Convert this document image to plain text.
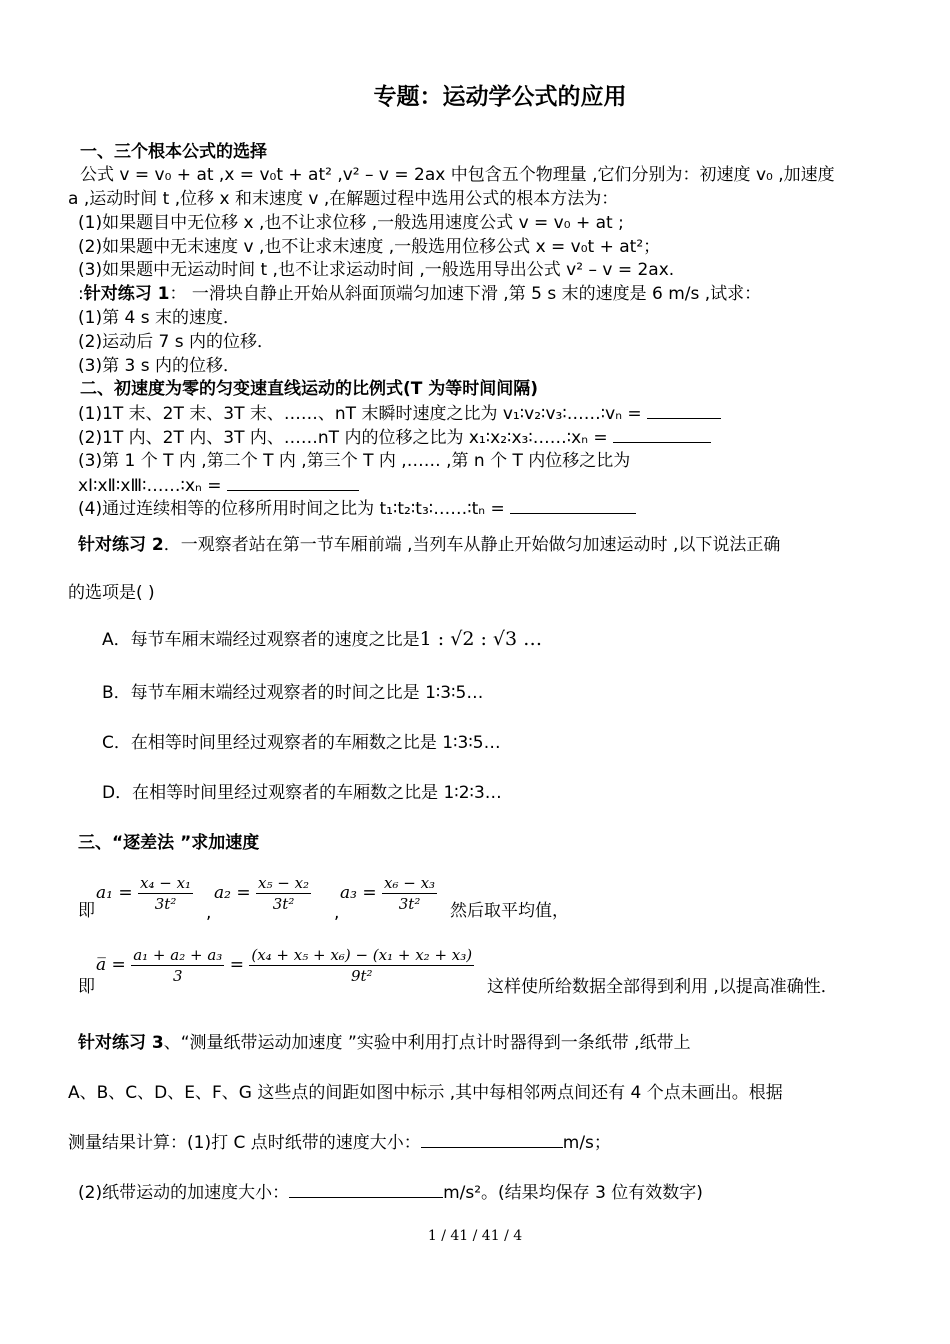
专题：运动学公式的应用
一、三个根本公式的选择
公式 v = v₀ + at ,x = v₀t + at² ,v² – v = 2ax 中包含五个物理量 ,它们分别为：初速度 v₀ ,加速度
a ,运动时间 t ,位移 x 和末速度 v ,在解题过程中选用公式的根本方法为：
(1)如果题目中无位移 x ,也不让求位移 ,一般选用速度公式 v = v₀ + at ;
(2)如果题中无末速度 v ,也不让求末速度 ,一般选用位移公式 x = v₀t + at²；
(3)如果题中无运动时间 t ,也不让求运动时间 ,一般选用导出公式 v² – v = 2ax.
:针对练习 1： 一滑块自静止开始从斜面顶端匀加速下滑 ,第 5 s 末的速度是 6 m/s ,试求：
(1)第 4 s 末的速度．
(2)运动后 7 s 内的位移．
(3)第 3 s 内的位移．
二、初速度为零的匀变速直线运动的比例式(T 为等时间间隔)
(1)1T 末、2T 末、3T 末、……、nT 末瞬时速度之比为 v₁∶v₂∶v₃∶……∶vₙ =
(2)1T 内、2T 内、3T 内、……nT 内的位移之比为 x₁∶x₂∶x₃∶……∶xₙ =
(3)第 1 个 T 内 ,第二个 T 内 ,第三个 T 内 ,…… ,第 n 个 T 内位移之比为
xⅠ∶xⅡ∶xⅢ∶……∶xₙ =
(4)通过连续相等的位移所用时间之比为 t₁∶t₂∶t₃∶……∶tₙ =
针对练习 2．一观察者站在第一节车厢前端 ,当列车从静止开始做匀加速运动时 ,以下说法正确
的选项是( )
A．每节车厢末端经过观察者的速度之比是1 : √2 : √3 …
B．每节车厢末端经过观察者的时间之比是 1∶3∶5…
C．在相等时间里经过观察者的车厢数之比是 1∶3∶5…
D．在相等时间里经过观察者的车厢数之比是 1∶2∶3…
三、“逐差法 ”求加速度
即
$a_1 = \frac{\text{x₄ − x₁}}{\text{3t²}}$ ,
$a_2 = \frac{\text{x₅ − x₂}}{\text{3t²}}$ ,
$a_3 = \frac{\text{x₆ − x₃}}{\text{3t²}}$ 然后取平均值，
即
a̅ = $\frac{\text{a₁ + a₂ + a₃}}{3} = \frac{\text{(x₄ + x₅ + x₆) − (x₁ + x₂ + x₃)}}{\text{9t²}}$
这样使所给数据全部得到利用 ,以提高准确性．
针对练习 3、“测量纸带运动加速度 ”实验中利用打点计时器得到一条纸带 ,纸带上
A、B、C、D、E、F、G 这些点的间距如图中标示 ,其中每相邻两点间还有 4 个点未画出。根据
测量结果计算：(1)打 C 点时纸带的速度大小：	m/s；
(2)纸带运动的加速度大小：	m/s²。(结果均保存 3 位有效数字)
1 / 41 / 41 / 4
